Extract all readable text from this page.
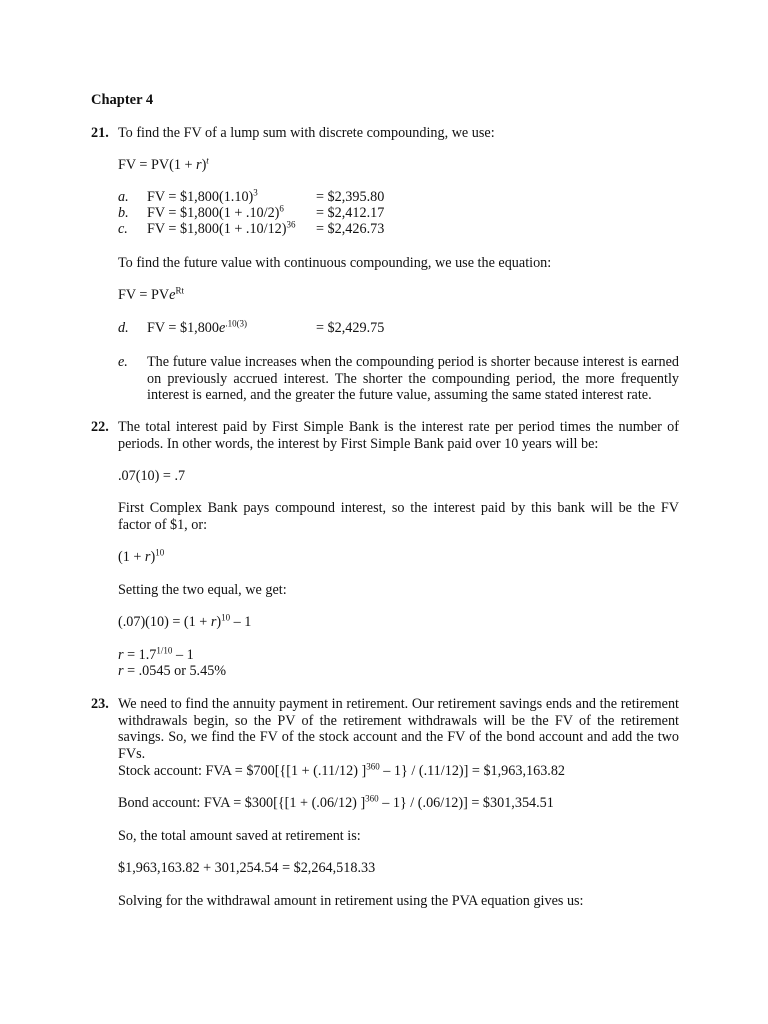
Chapter 4
21. To find the FV of a lump sum with discrete compounding, we use:
FV = $PV(1 + r)^t$
a. FV = $\$1,800(1.10)^3$	= $2,395.80
b. FV = $1,800(1 + .10/2)$^6$ = $2,412.17
c. FV = $1,800(1 + .10/12)$^{36}$ = $2,426.73
To find the future value with continuous compounding, we use the equation:
FV = PVe$^{Rt}$
d. FV = $\$1,800e^{.10(3)}$	= $2,429.75
e. The future value increases when the compounding period is shorter because interest is earned on previously accrued interest. The shorter the compounding period, the more frequently interest is earned, and the greater the future value, assuming the same stated interest rate.
22. The total interest paid by First Simple Bank is the interest rate per period times the number of periods. In other words, the interest by First Simple Bank paid over 10 years will be:
.07(10) = .7
First Complex Bank pays compound interest, so the interest paid by this bank will be the FV factor of $1, or:
$(1 + r)^{10}$
Setting the two equal, we get:
$(.07)(10) = (1 + r)^{10} - 1$
$r = 1.7^{1/10} - 1$
r = .0545 or 5.45%
23. We need to find the annuity payment in retirement. Our retirement savings ends and the retirement withdrawals begin, so the PV of the retirement withdrawals will be the FV of the retirement savings. So, we find the FV of the stock account and the FV of the bond account and add the two FVs.
Stock account: FVA = $700[{[1 + (.11/12) ]$^{360}$ – 1} / (.11/12)] = $1,963,163.82
Bond account: FVA = $300[{[1 + (.06/12) ]$^{360}$ – 1} / (.06/12)] = $301,354.51
So, the total amount saved at retirement is:
$1,963,163.82 + 301,254.54 = $2,264,518.33
Solving for the withdrawal amount in retirement using the PVA equation gives us:
